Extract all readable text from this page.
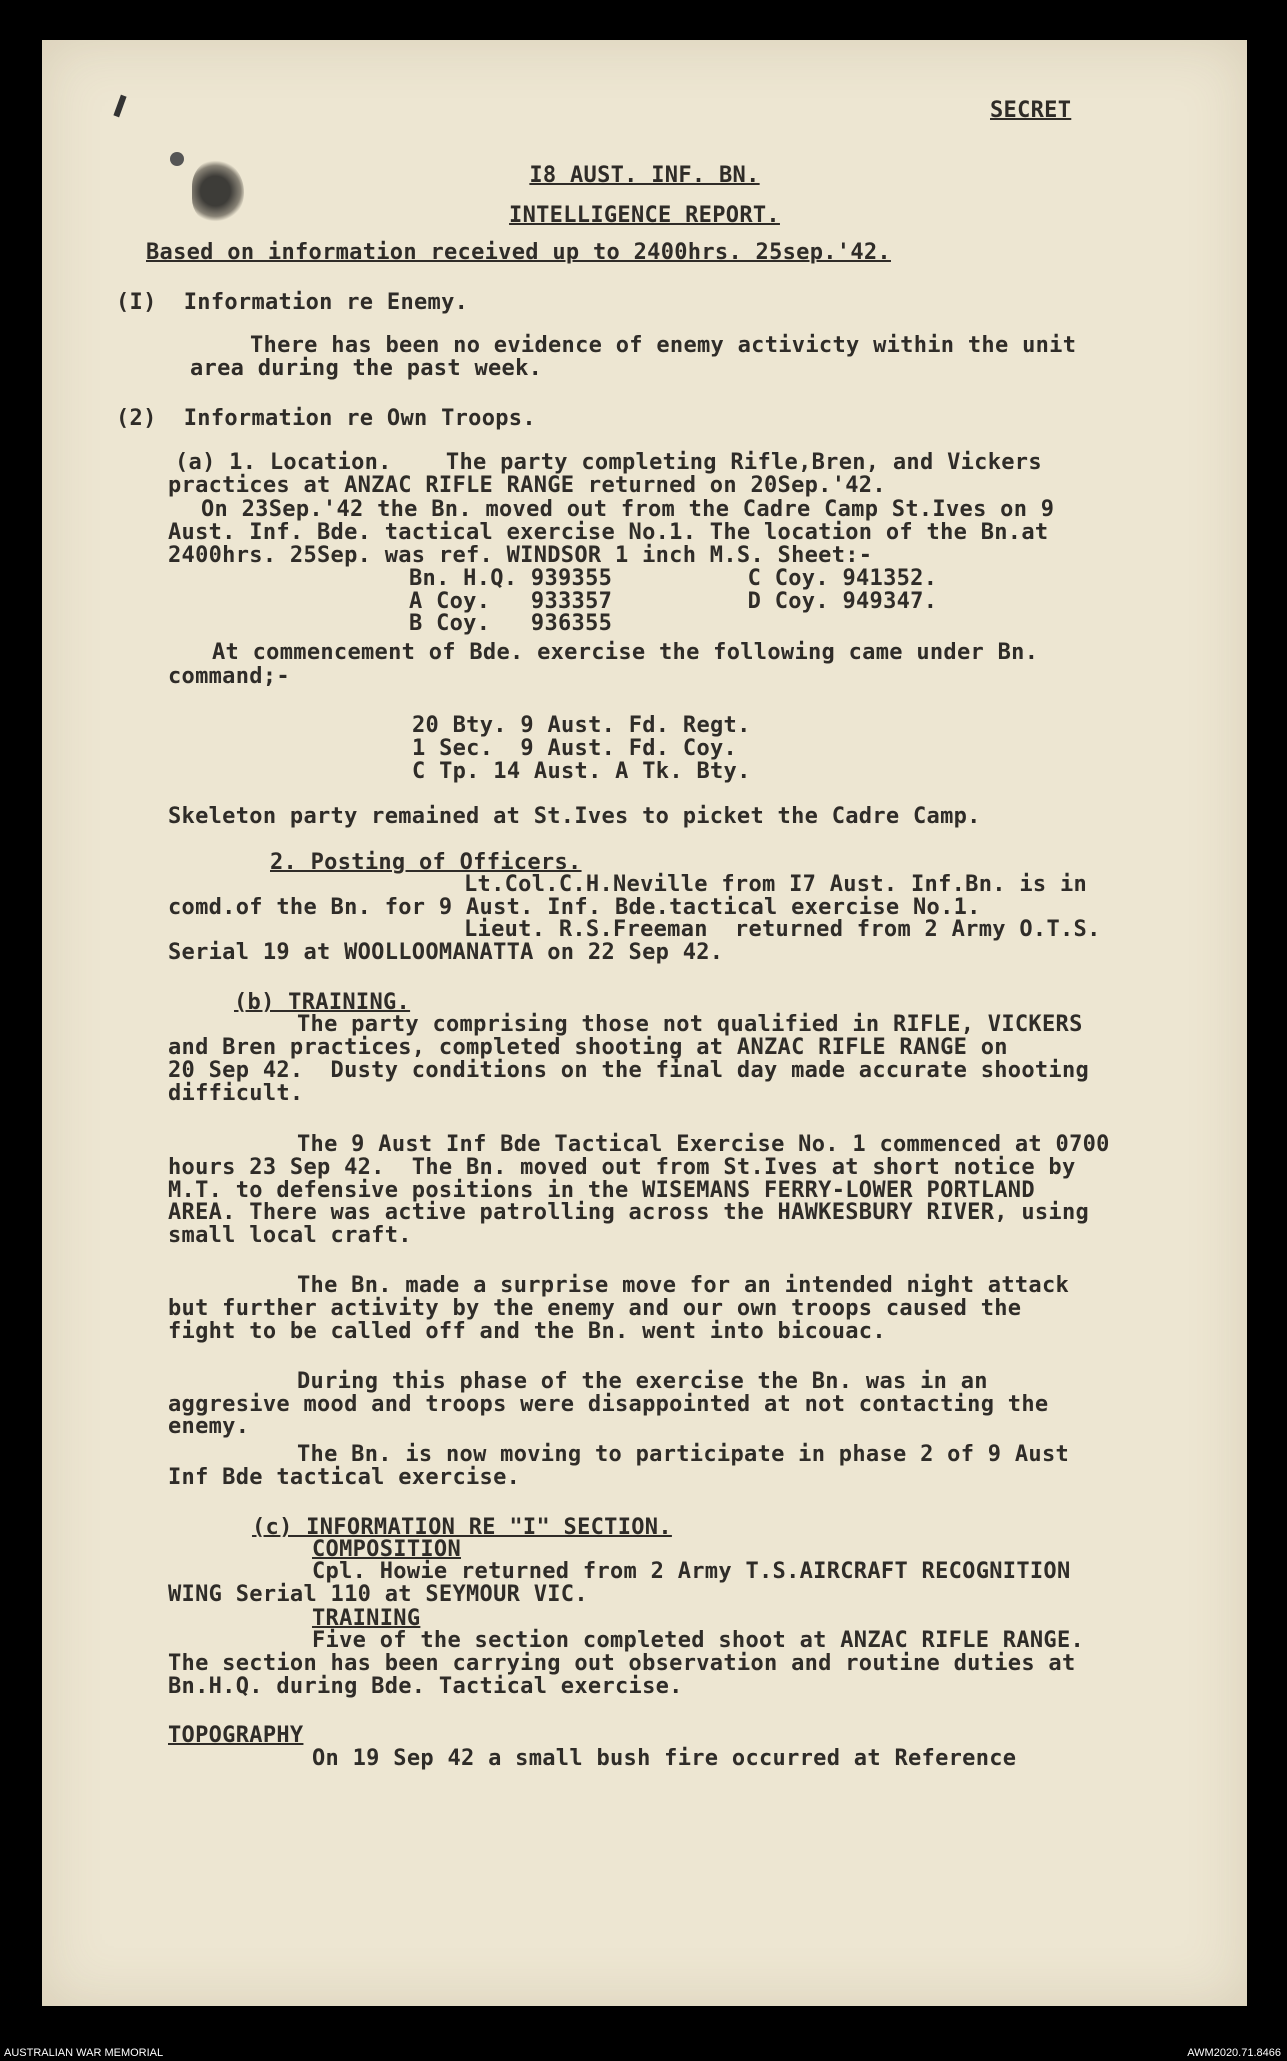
SECRET
I8 AUST. INF. BN.
INTELLIGENCE REPORT.
Based on information received up to 2400hrs. 25sep.'42.
(I)  Information re Enemy.
There has been no evidence of enemy activicty within the unit
area during the past week.
(2)  Information re Own Troops.
(a) 1. Location.    The party completing Rifle,Bren, and Vickers
practices at ANZAC RIFLE RANGE returned on 20Sep.'42.
On 23Sep.'42 the Bn. moved out from the Cadre Camp St.Ives on 9
Aust. Inf. Bde. tactical exercise No.1. The location of the Bn.at
2400hrs. 25Sep. was ref. WINDSOR 1 inch M.S. Sheet:-
Bn. H.Q. 939355          C Coy. 941352.
A Coy.   933357          D Coy. 949347.
B Coy.   936355
At commencement of Bde. exercise the following came under Bn.
command;-
20 Bty. 9 Aust. Fd. Regt.
1 Sec.  9 Aust. Fd. Coy.
C Tp. 14 Aust. A Tk. Bty.
Skeleton party remained at St.Ives to picket the Cadre Camp.
2. Posting of Officers.
Lt.Col.C.H.Neville from I7 Aust. Inf.Bn. is in
comd.of the Bn. for 9 Aust. Inf. Bde.tactical exercise No.1.
Lieut. R.S.Freeman  returned from 2 Army O.T.S.
Serial 19 at WOOLLOOMANATTA on 22 Sep 42.
(b) TRAINING.
The party comprising those not qualified in RIFLE, VICKERS
and Bren practices, completed shooting at ANZAC RIFLE RANGE on
20 Sep 42.  Dusty conditions on the final day made accurate shooting
difficult.
The 9 Aust Inf Bde Tactical Exercise No. 1 commenced at 0700
hours 23 Sep 42.  The Bn. moved out from St.Ives at short notice by
M.T. to defensive positions in the WISEMANS FERRY-LOWER PORTLAND
AREA. There was active patrolling across the HAWKESBURY RIVER, using
small local craft.
The Bn. made a surprise move for an intended night attack
but further activity by the enemy and our own troops caused the
fight to be called off and the Bn. went into bicouac.
During this phase of the exercise the Bn. was in an
aggresive mood and troops were disappointed at not contacting the
enemy.
The Bn. is now moving to participate in phase 2 of 9 Aust
Inf Bde tactical exercise.
(c) INFORMATION RE "I" SECTION.
COMPOSITION
Cpl. Howie returned from 2 Army T.S.AIRCRAFT RECOGNITION
WING Serial 110 at SEYMOUR VIC.
TRAINING
Five of the section completed shoot at ANZAC RIFLE RANGE.
The section has been carrying out observation and routine duties at
Bn.H.Q. during Bde. Tactical exercise.
TOPOGRAPHY
On 19 Sep 42 a small bush fire occurred at Reference
AUSTRALIAN WAR MEMORIAL	AWM2020.71.8466
